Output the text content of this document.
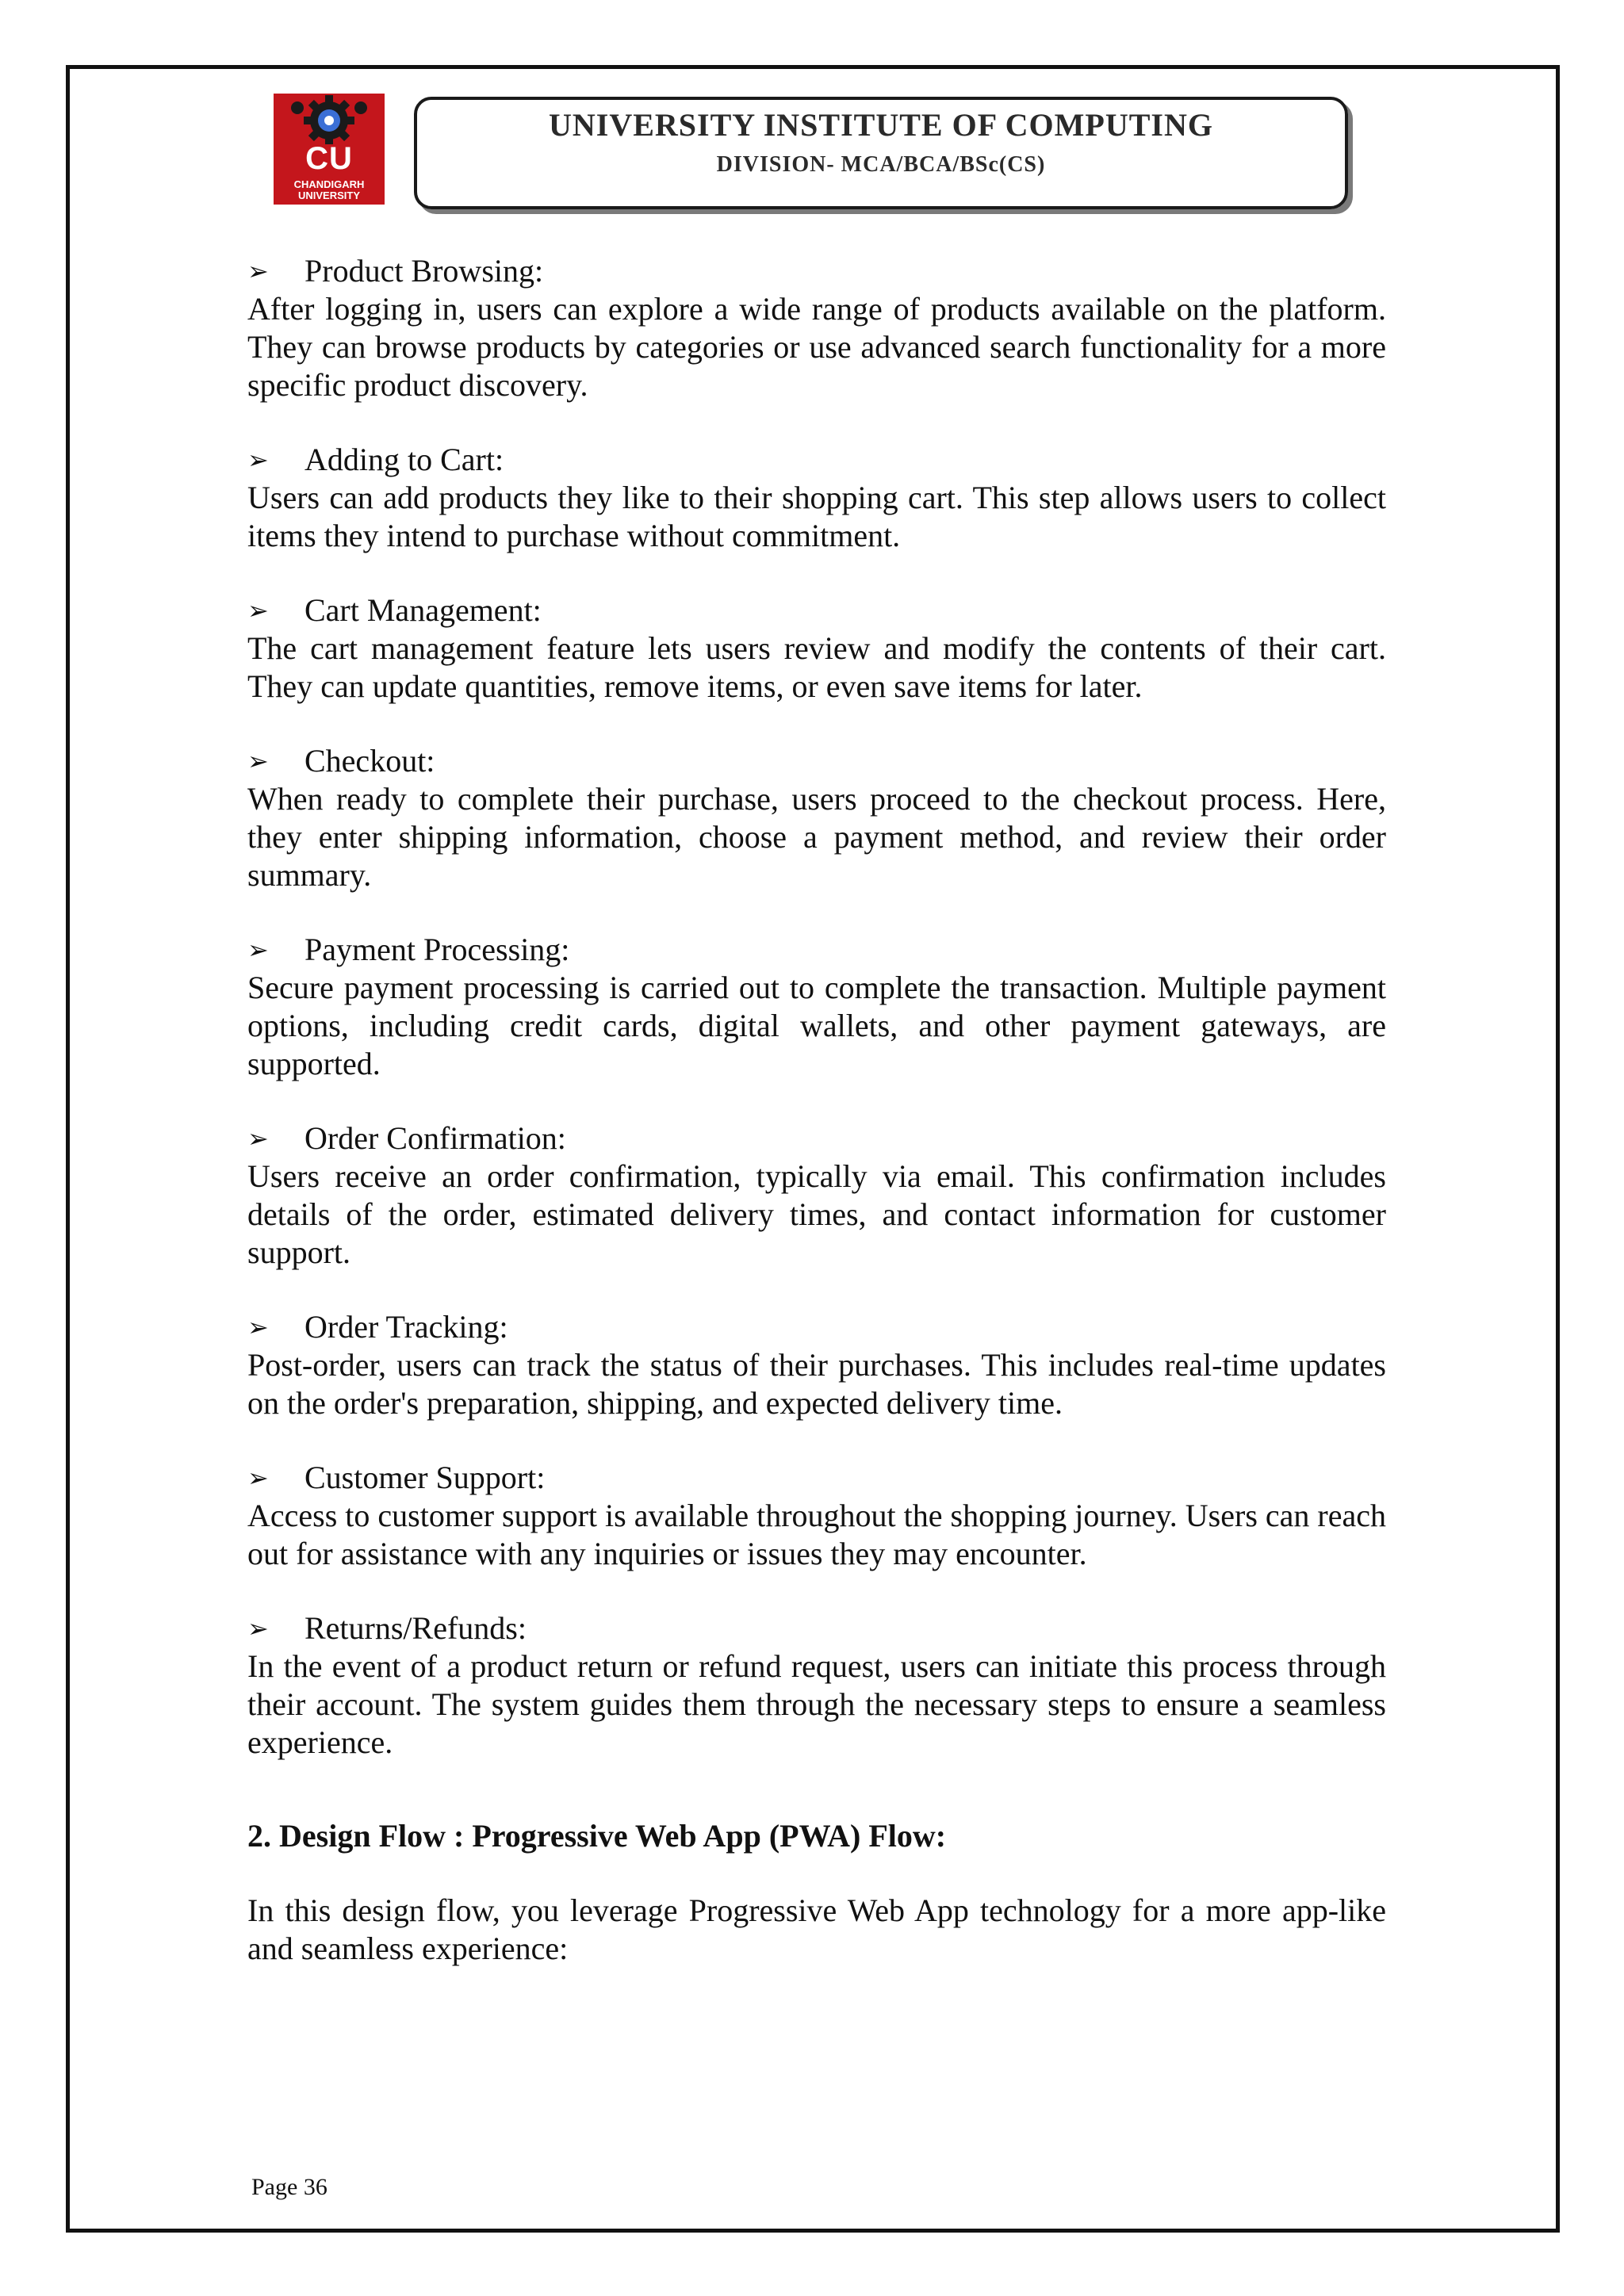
CU
CHANDIGARH
UNIVERSITY
UNIVERSITY INSTITUTE OF COMPUTING
DIVISION- MCA/BCA/BSc(CS)

➢	Product Browsing:

After logging in, users can explore a wide range of products available on the platform. They can browse products by categories or use advanced search functionality for a more specific product discovery.

➢	Adding to Cart:

Users can add products they like to their shopping cart. This step allows users to collect items they intend to purchase without commitment.

➢	Cart Management:

The cart management feature lets users review and modify the contents of their cart. They can update quantities, remove items, or even save items for later.

➢	Checkout:

When ready to complete their purchase, users proceed to the checkout process. Here, they enter shipping information, choose a payment method, and review their order summary.

➢	Payment Processing:

Secure payment processing is carried out to complete the transaction. Multiple payment options, including credit cards, digital wallets, and other payment gateways, are supported.

➢	Order Confirmation:

Users receive an order confirmation, typically via email. This confirmation includes details of the order, estimated delivery times, and contact information for customer support.

➢	Order Tracking:

Post-order, users can track the status of their purchases. This includes real-time updates on the order's preparation, shipping, and expected delivery time.

➢	Customer Support:

Access to customer support is available throughout the shopping journey. Users can reach out for assistance with any inquiries or issues they may encounter.

➢	Returns/Refunds:

In the event of a product return or refund request, users can initiate this process through their account. The system guides them through the necessary steps to ensure a seamless experience.

2. Design Flow : Progressive Web App (PWA) Flow:

In this design flow, you leverage Progressive Web App technology for a more app-like and seamless experience:

Page 36
